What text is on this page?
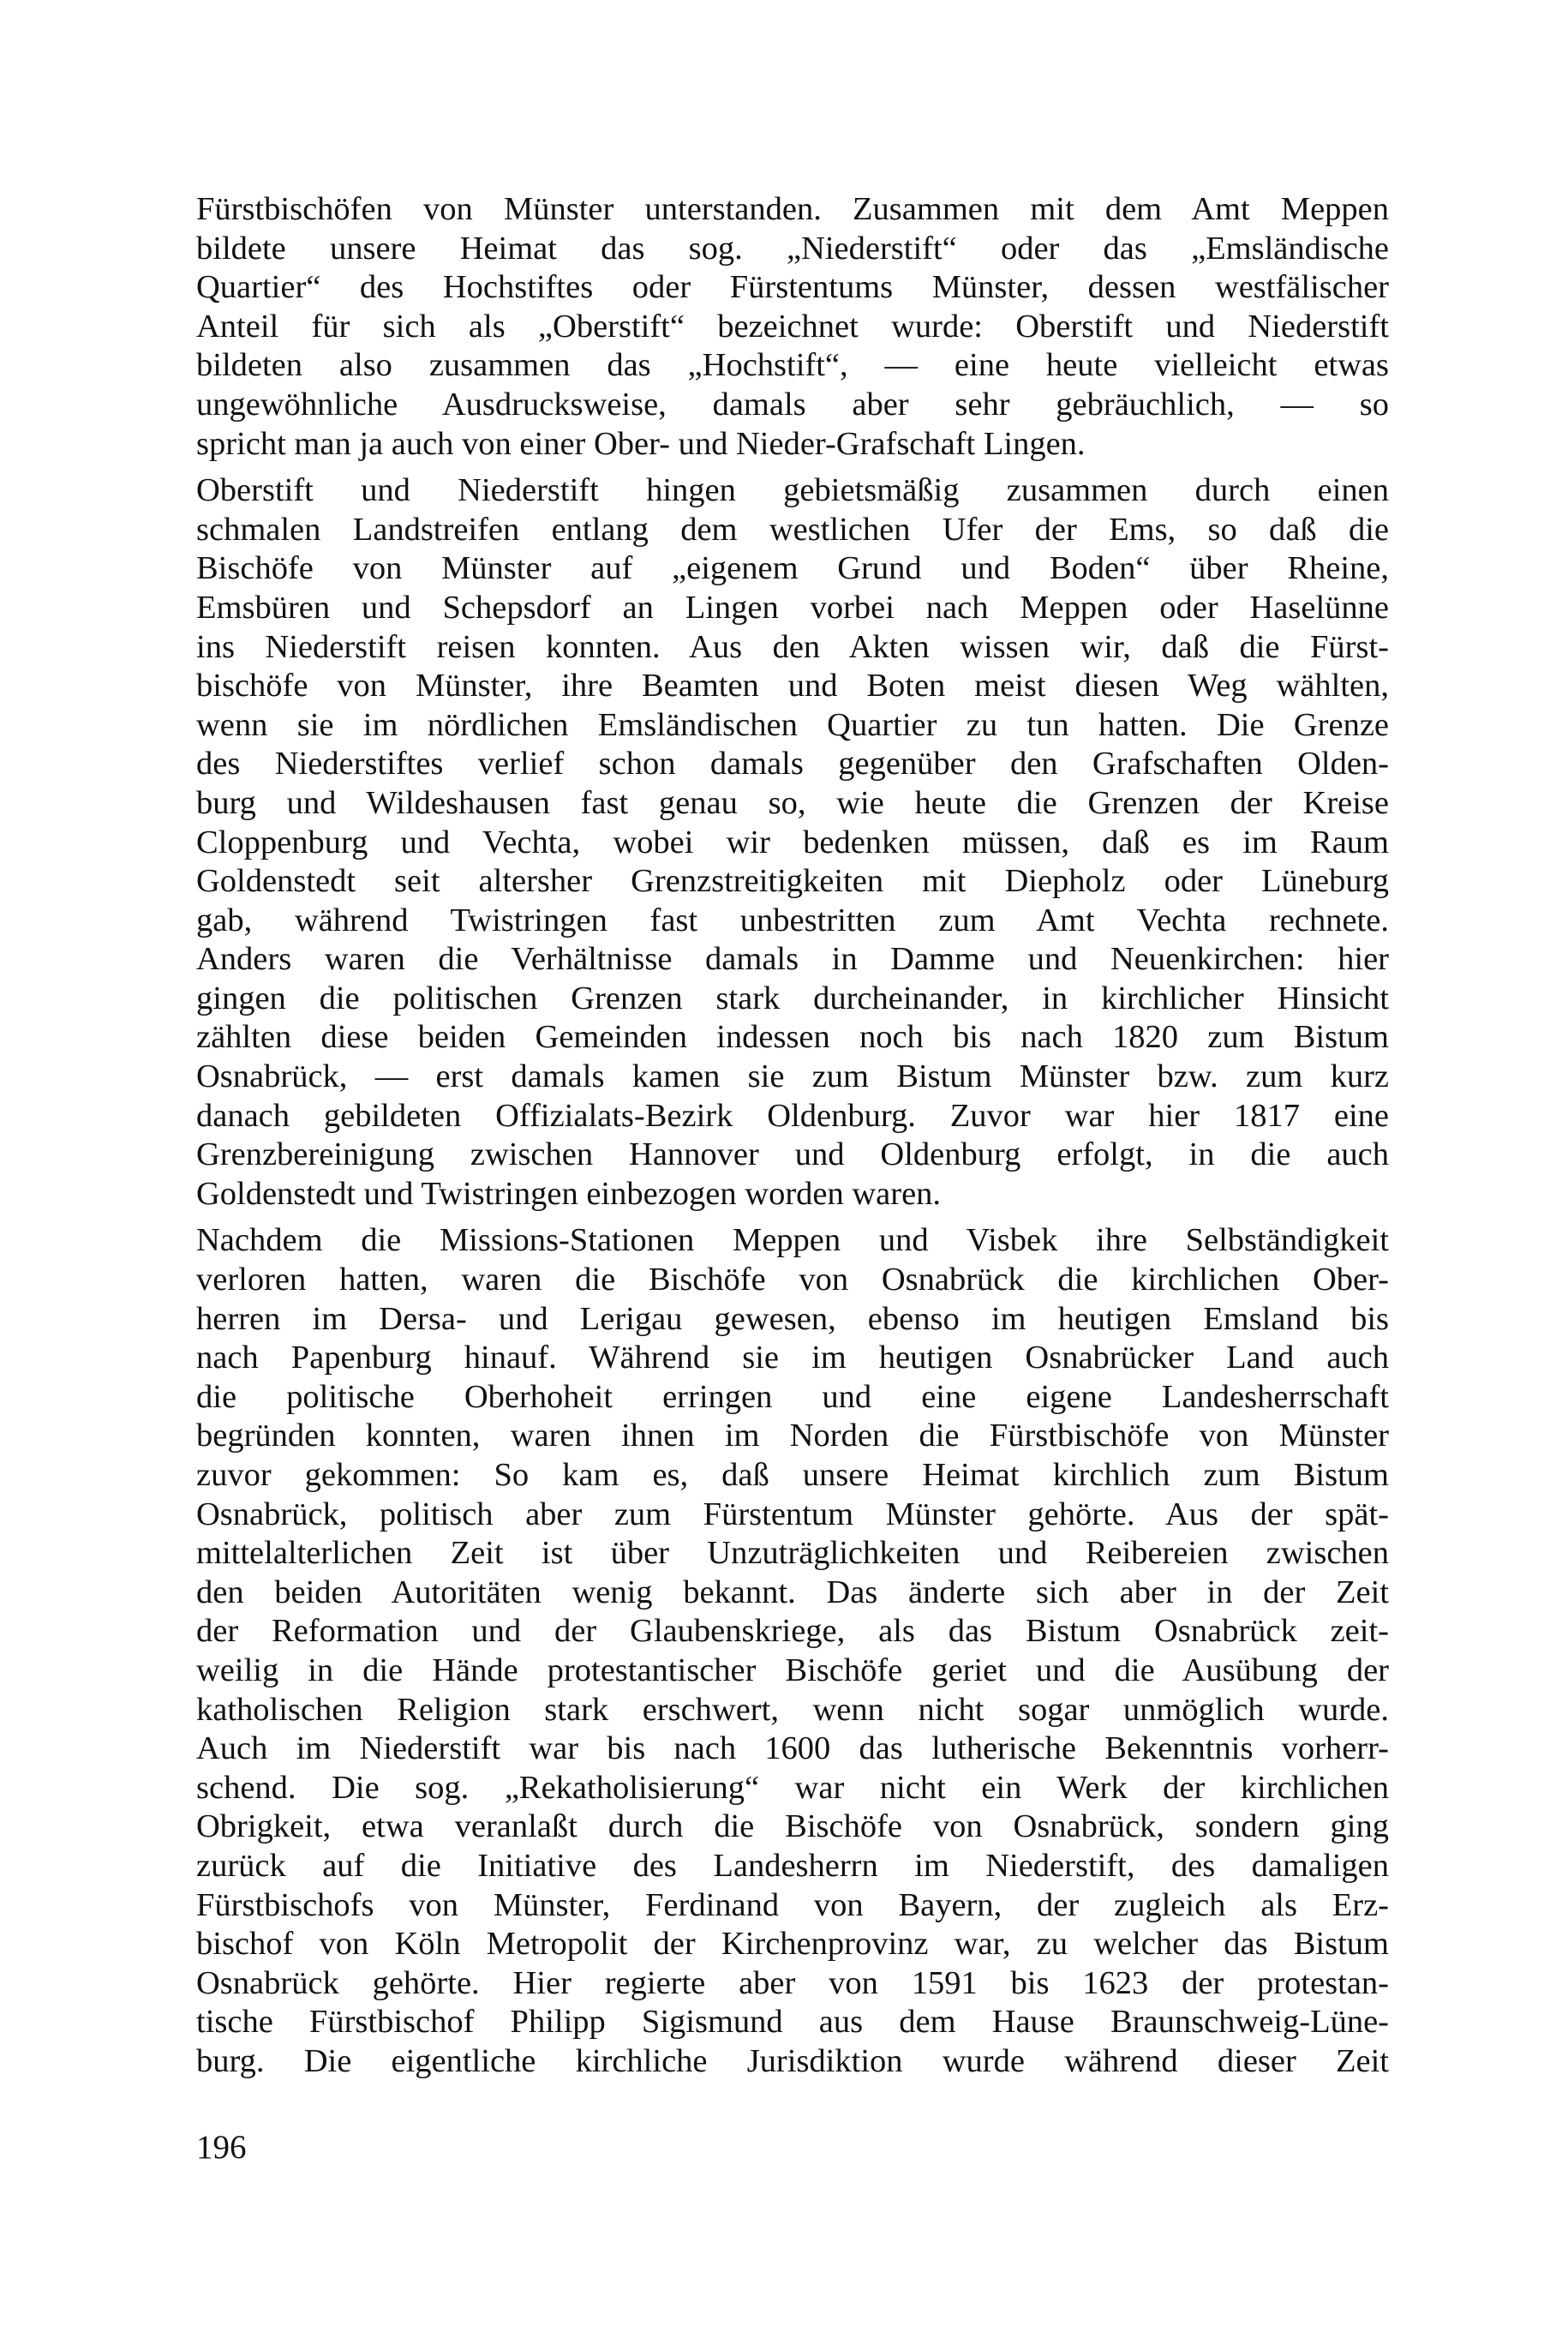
Fürstbischöfen von Münster unterstanden. Zusammen mit dem Amt Meppen
bildete unsere Heimat das sog. „Niederstift“ oder das „Emsländische
Quartier“ des Hochstiftes oder Fürstentums Münster, dessen westfälischer
Anteil für sich als „Oberstift“ bezeichnet wurde: Oberstift und Niederstift
bildeten also zusammen das „Hochstift“, — eine heute vielleicht etwas
ungewöhnliche Ausdrucksweise, damals aber sehr gebräuchlich, — so
spricht man ja auch von einer Ober- und Nieder-Grafschaft Lingen.
Oberstift und Niederstift hingen gebietsmäßig zusammen durch einen
schmalen Landstreifen entlang dem westlichen Ufer der Ems, so daß die
Bischöfe von Münster auf „eigenem Grund und Boden“ über Rheine,
Emsbüren und Schepsdorf an Lingen vorbei nach Meppen oder Haselünne
ins Niederstift reisen konnten. Aus den Akten wissen wir, daß die Fürst-
bischöfe von Münster, ihre Beamten und Boten meist diesen Weg wählten,
wenn sie im nördlichen Emsländischen Quartier zu tun hatten. Die Grenze
des Niederstiftes verlief schon damals gegenüber den Grafschaften Olden-
burg und Wildeshausen fast genau so, wie heute die Grenzen der Kreise
Cloppenburg und Vechta, wobei wir bedenken müssen, daß es im Raum
Goldenstedt seit altersher Grenzstreitigkeiten mit Diepholz oder Lüneburg
gab, während Twistringen fast unbestritten zum Amt Vechta rechnete.
Anders waren die Verhältnisse damals in Damme und Neuenkirchen: hier
gingen die politischen Grenzen stark durcheinander, in kirchlicher Hinsicht
zählten diese beiden Gemeinden indessen noch bis nach 1820 zum Bistum
Osnabrück, — erst damals kamen sie zum Bistum Münster bzw. zum kurz
danach gebildeten Offizialats-Bezirk Oldenburg. Zuvor war hier 1817 eine
Grenzbereinigung zwischen Hannover und Oldenburg erfolgt, in die auch
Goldenstedt und Twistringen einbezogen worden waren.
Nachdem die Missions-Stationen Meppen und Visbek ihre Selbständigkeit
verloren hatten, waren die Bischöfe von Osnabrück die kirchlichen Ober-
herren im Dersa- und Lerigau gewesen, ebenso im heutigen Emsland bis
nach Papenburg hinauf. Während sie im heutigen Osnabrücker Land auch
die politische Oberhoheit erringen und eine eigene Landesherrschaft
begründen konnten, waren ihnen im Norden die Fürstbischöfe von Münster
zuvor gekommen: So kam es, daß unsere Heimat kirchlich zum Bistum
Osnabrück, politisch aber zum Fürstentum Münster gehörte. Aus der spät-
mittelalterlichen Zeit ist über Unzuträglichkeiten und Reibereien zwischen
den beiden Autoritäten wenig bekannt. Das änderte sich aber in der Zeit
der Reformation und der Glaubenskriege, als das Bistum Osnabrück zeit-
weilig in die Hände protestantischer Bischöfe geriet und die Ausübung der
katholischen Religion stark erschwert, wenn nicht sogar unmöglich wurde.
Auch im Niederstift war bis nach 1600 das lutherische Bekenntnis vorherr-
schend. Die sog. „Rekatholisierung“ war nicht ein Werk der kirchlichen
Obrigkeit, etwa veranlaßt durch die Bischöfe von Osnabrück, sondern ging
zurück auf die Initiative des Landesherrn im Niederstift, des damaligen
Fürstbischofs von Münster, Ferdinand von Bayern, der zugleich als Erz-
bischof von Köln Metropolit der Kirchenprovinz war, zu welcher das Bistum
Osnabrück gehörte. Hier regierte aber von 1591 bis 1623 der protestan-
tische Fürstbischof Philipp Sigismund aus dem Hause Braunschweig-Lüne-
burg. Die eigentliche kirchliche Jurisdiktion wurde während dieser Zeit
196
